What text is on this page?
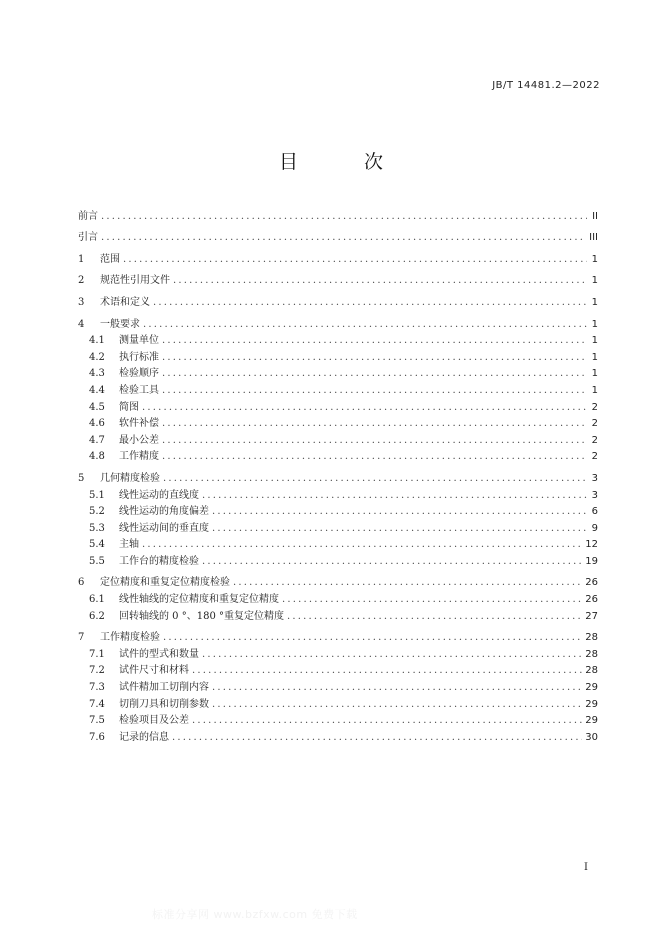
JB/T 14481.2—2022
目 次
前言 .....	II
引言 .....	III
1	范围 .....	1
2	规范性引用文件 .....	1
3	术语和定义 .....	1
4	一般要求 .....	1
4.1	测量单位 .....	1
4.2	执行标准 .....	1
4.3	检验顺序 .....	1
4.4	检验工具 .....	1
4.5	简图 .....	2
4.6	软件补偿 .....	2
4.7	最小公差 .....	2
4.8	工作精度 .....	2
5	几何精度检验 .....	3
5.1	线性运动的直线度 .....	3
5.2	线性运动的角度偏差 .....	6
5.3	线性运动间的垂直度 .....	9
5.4	主轴 .....	12
5.5	工作台的精度检验 .....	19
6	定位精度和重复定位精度检验 .....	26
6.1	线性轴线的定位精度和重复定位精度 .....	26
6.2	回转轴线的 0 °、180 °重复定位精度 .....	27
7	工作精度检验 .....	28
7.1	试件的型式和数量 .....	28
7.2	试件尺寸和材料 .....	28
7.3	试件精加工切削内容 .....	29
7.4	切削刀具和切削参数 .....	29
7.5	检验项目及公差 .....	29
7.6	记录的信息 .....	30
I
标准分享网 www.bzfxw.com 免费下载
